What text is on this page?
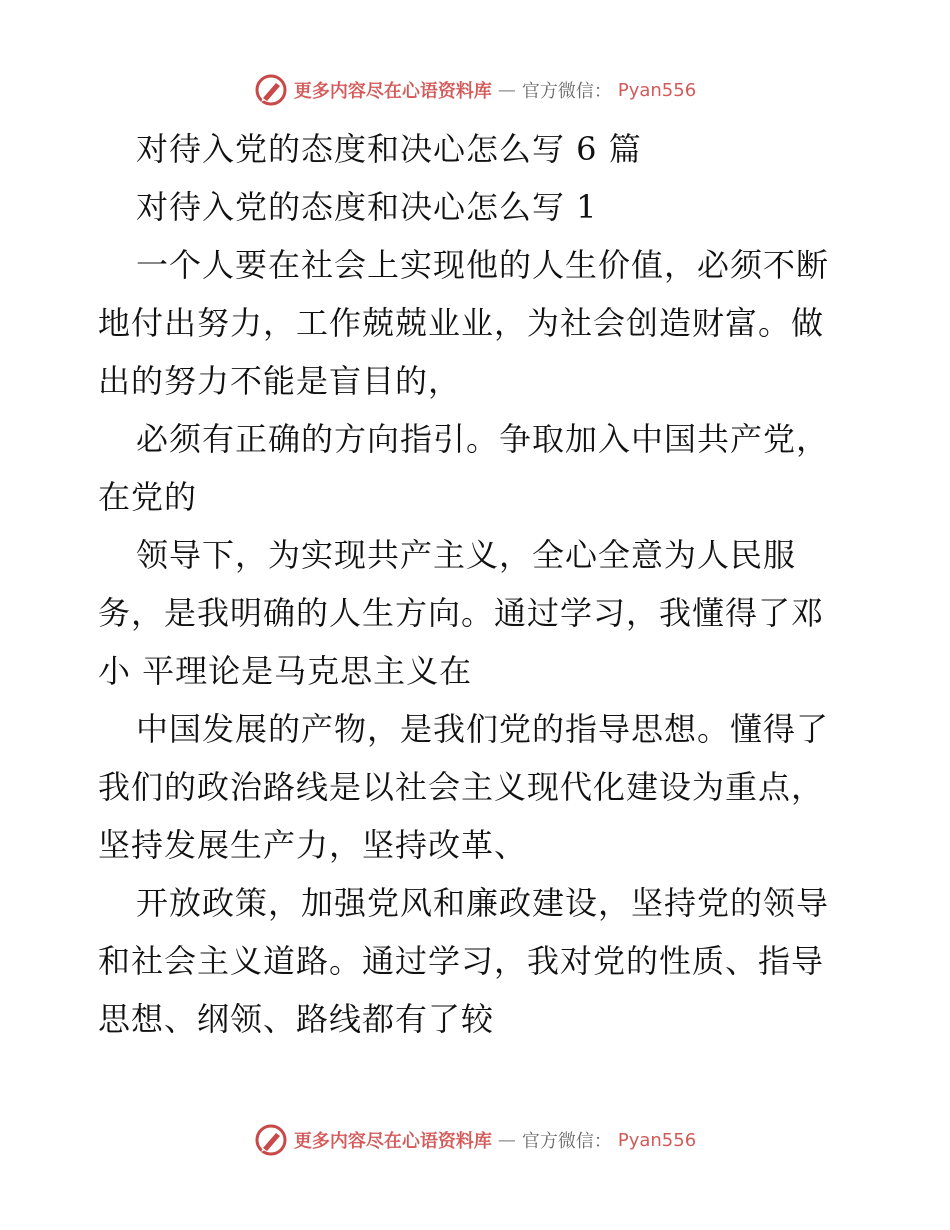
更多内容尽在心语资料库 — 官方微信： Pyan556
对待入党的态度和决心怎么写 6 篇
对待入党的态度和决心怎么写 1
一个人要在社会上实现他的人生价值，必须不断
地付出努力，工作兢兢业业，为社会创造财富。做
出的努力不能是盲目的，
必须有正确的方向指引。争取加入中国共产党，
在党的
领导下，为实现共产主义，全心全意为人民服
务，是我明确的人生方向。通过学习，我懂得了邓
小 平理论是马克思主义在
中国发展的产物，是我们党的指导思想。懂得了
我们的政治路线是以社会主义现代化建设为重点，
坚持发展生产力，坚持改革、
开放政策，加强党风和廉政建设，坚持党的领导
和社会主义道路。通过学习，我对党的性质、指导
思想、纲领、路线都有了较
更多内容尽在心语资料库 — 官方微信： Pyan556
